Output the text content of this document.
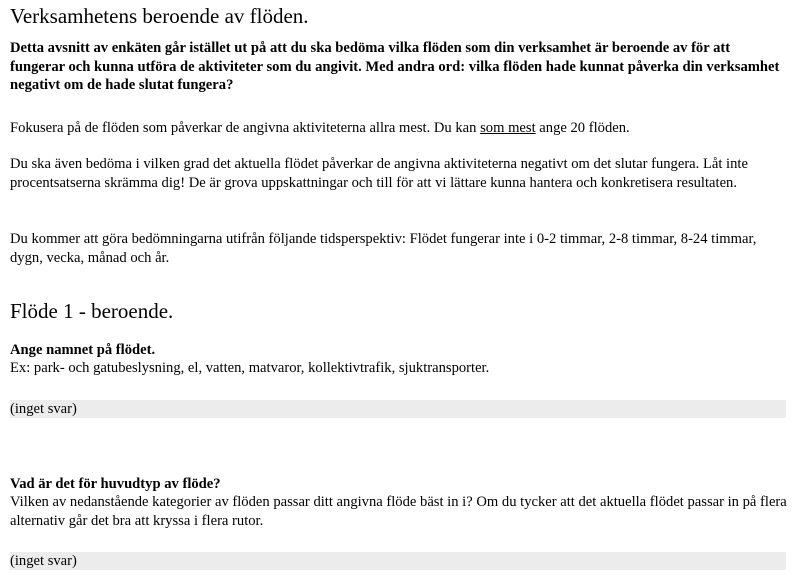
Verksamhetens beroende av flöden.

Detta avsnitt av enkäten går istället ut på att du ska bedöma vilka flöden som din verksamhet är beroende av för att fungerar och kunna utföra de aktiviteter som du angivit. Med andra ord: vilka flöden hade kunnat påverka din verksamhet negativt om de hade slutat fungera?

Fokusera på de flöden som påverkar de angivna aktiviteterna allra mest. Du kan som mest ange 20 flöden.

Du ska även bedöma i vilken grad det aktuella flödet påverkar de angivna aktiviteterna negativt om det slutar fungera. Låt inte procentsatserna skrämma dig! De är grova uppskattningar och till för att vi lättare kunna hantera och konkretisera resultaten.

Du kommer att göra bedömningarna utifrån följande tidsperspektiv: Flödet fungerar inte i 0-2 timmar, 2-8 timmar, 8-24 timmar, dygn, vecka, månad och år.

Flöde 1 - beroende.

Ange namnet på flödet.

Ex: park- och gatubeslysning, el, vatten, matvaror, kollektivtrafik, sjuktransporter.

(inget svar)

Vad är det för huvudtyp av flöde?

Vilken av nedanstående kategorier av flöden passar ditt angivna flöde bäst in i? Om du tycker att det aktuella flödet passar in på flera alternativ går det bra att kryssa i flera rutor.

(inget svar)
